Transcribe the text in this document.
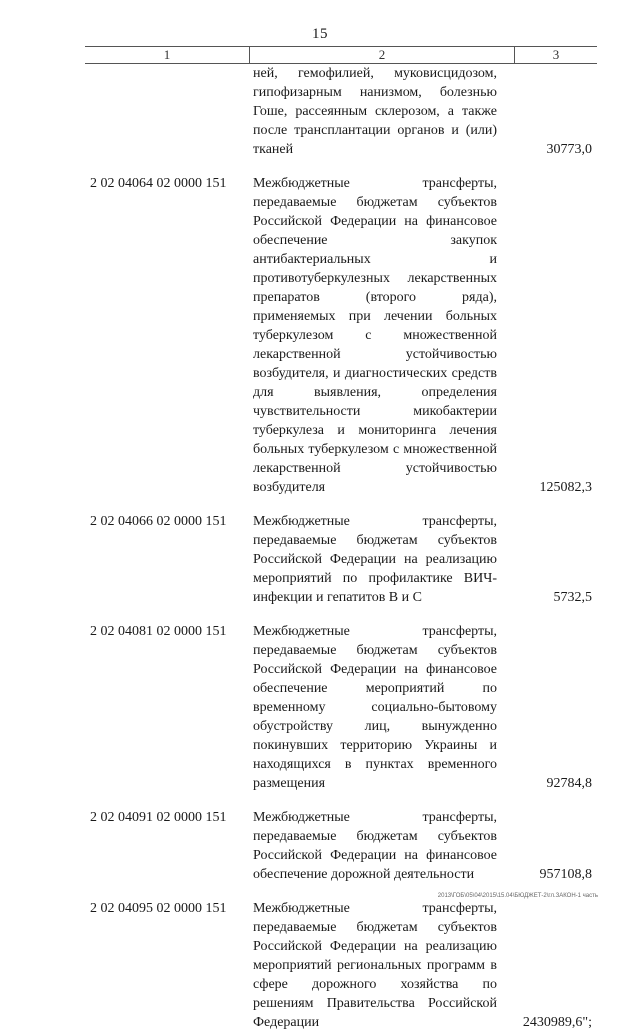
15
1	2	3
ней, гемофилией, муковисцидозом, гипофизарным нанизмом, болезнью Гоше, рассеянным склерозом, а также после трансплантации органов и (или) тканей	30773,0
2 02 04064 02 0000 151	Межбюджетные трансферты, передаваемые бюджетам субъектов Российской Федерации на финансовое обеспечение закупок антибактериальных и противотуберкулезных лекарственных препаратов (второго ряда), применяемых при лечении больных туберкулезом с множественной лекарственной устойчивостью возбудителя, и диагностических средств для выявления, определения чувствительности микобактерии туберкулеза и мониторинга лечения больных туберкулезом с множественной лекарственной устойчивостью возбудителя	125082,3
2 02 04066 02 0000 151	Межбюджетные трансферты, передаваемые бюджетам субъектов Российской Федерации на реализацию мероприятий по профилактике ВИЧ-инфекции и гепатитов B и C	5732,5
2 02 04081 02 0000 151	Межбюджетные трансферты, передаваемые бюджетам субъектов Российской Федерации на финансовое обеспечение мероприятий по временному социально-бытовому обустройству лиц, вынужденно покинувших территорию Украины и находящихся в пунктах временного размещения	92784,8
2 02 04091 02 0000 151	Межбюджетные трансферты, передаваемые бюджетам субъектов Российской Федерации на финансовое обеспечение дорожной деятельности	957108,8
2 02 04095 02 0000 151	Межбюджетные трансферты, передаваемые бюджетам субъектов Российской Федерации на реализацию мероприятий региональных программ в сфере дорожного хозяйства по решениям Правительства Российской Федерации	2430989,6";
2013\ГОБ\05\04\2015\15.04\БЮДЖЕТ-2\гл.ЗАКОН-1 часть
